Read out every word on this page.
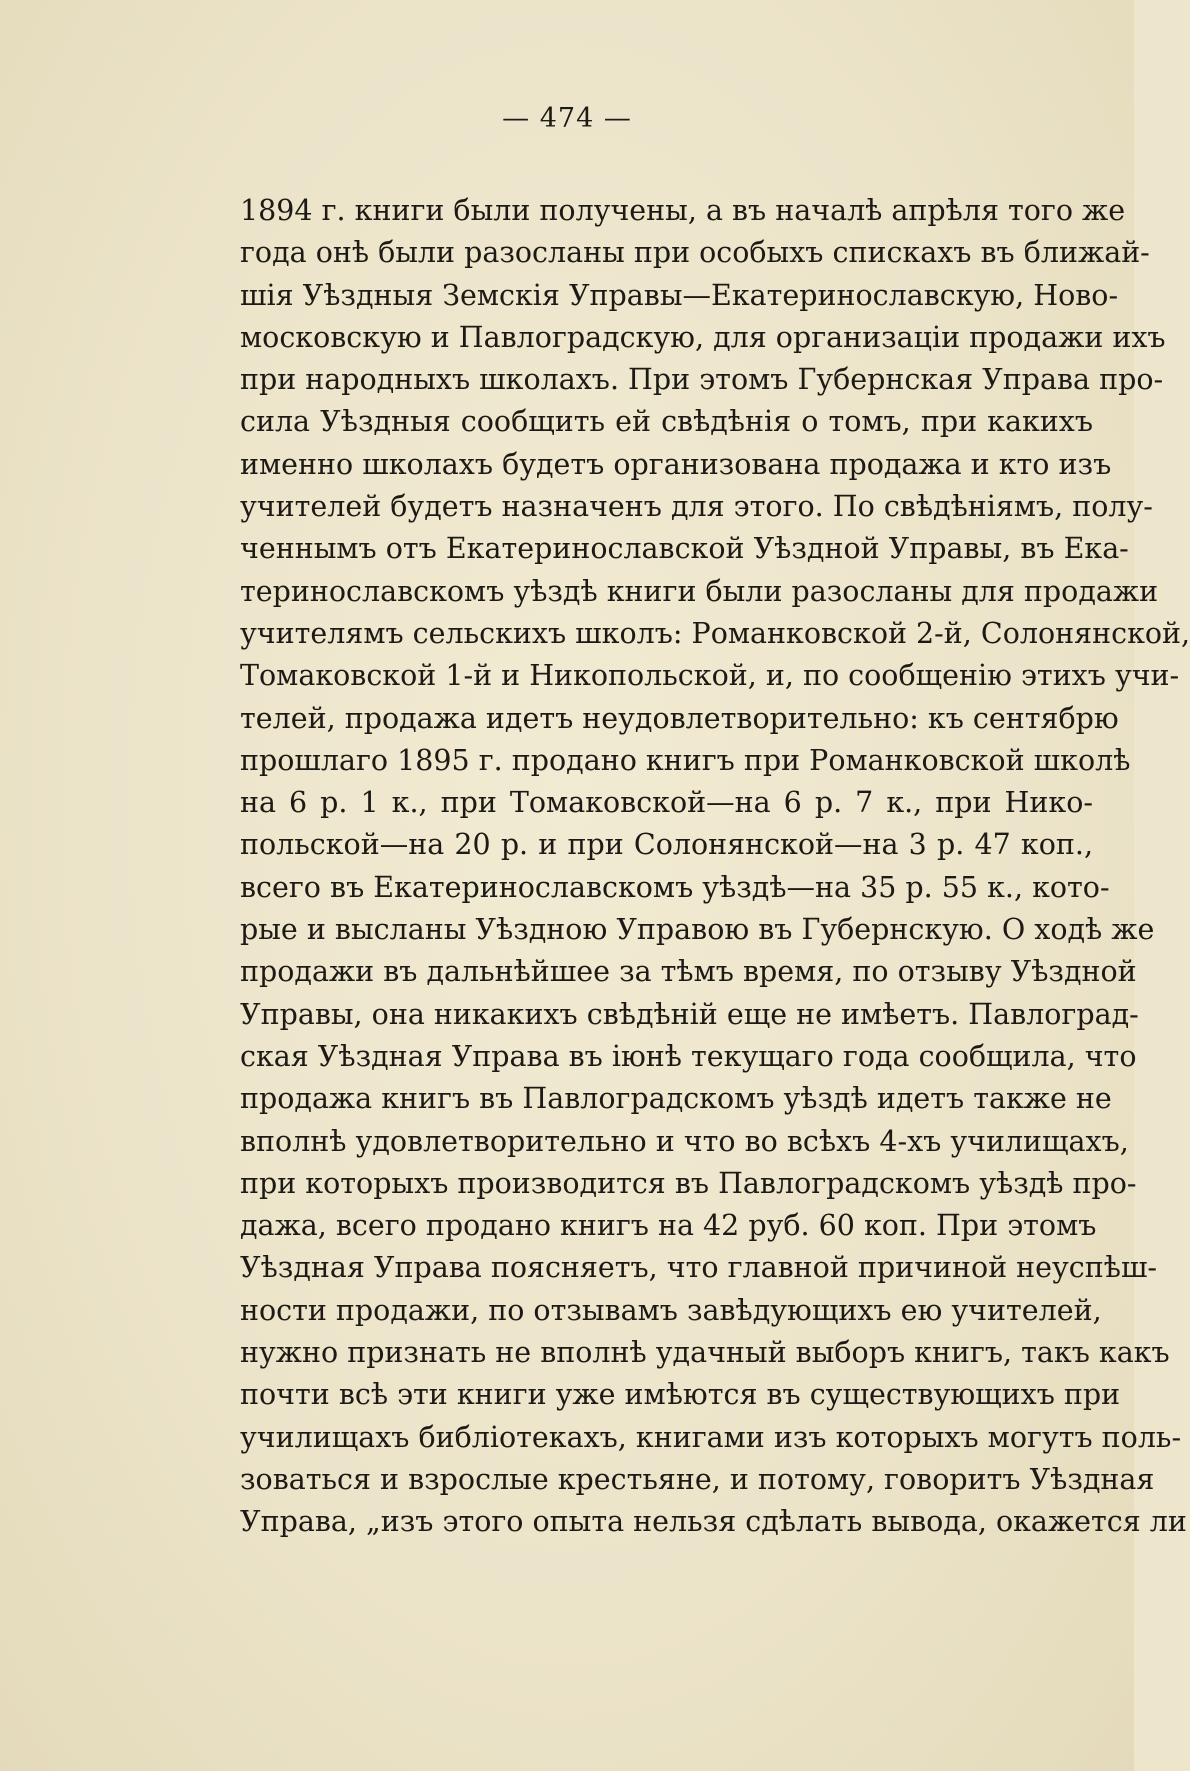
— 474 —
1894 г. книги были получены, а въ началѣ апрѣля того же
года онѣ были разосланы при особыхъ спискахъ въ ближай-
шія Уѣздныя Земскія Управы—Екатеринославскую, Ново-
московскую и Павлоградскую, для организаціи продажи ихъ
при народныхъ школахъ. При этомъ Губернская Управа про-
сила Уѣздныя сообщить ей свѣдѣнія о томъ, при какихъ
именно школахъ будетъ организована продажа и кто изъ
учителей будетъ назначенъ для этого. По свѣдѣніямъ, полу-
ченнымъ отъ Екатеринославской Уѣздной Управы, въ Ека-
теринославскомъ уѣздѣ книги были разосланы для продажи
учителямъ сельскихъ школъ: Романковской 2-й, Солонянской,
Томаковской 1-й и Никопольской, и, по сообщенію этихъ учи-
телей, продажа идетъ неудовлетворительно: къ сентябрю
прошлаго 1895 г. продано книгъ при Романковской школѣ
на 6 р. 1 к., при Томаковской—на 6 р. 7 к., при Нико-
польской—на 20 р. и при Солонянской—на 3 р. 47 коп.,
всего въ Екатеринославскомъ уѣздѣ—на 35 р. 55 к., кото-
рые и высланы Уѣздною Управою въ Губернскую. О ходѣ же
продажи въ дальнѣйшее за тѣмъ время, по отзыву Уѣздной
Управы, она никакихъ свѣдѣній еще не имѣетъ. Павлоград-
ская Уѣздная Управа въ іюнѣ текущаго года сообщила, что
продажа книгъ въ Павлоградскомъ уѣздѣ идетъ также не
вполнѣ удовлетворительно и что во всѣхъ 4-хъ училищахъ,
при которыхъ производится въ Павлоградскомъ уѣздѣ про-
дажа, всего продано книгъ на 42 руб. 60 коп. При этомъ
Уѣздная Управа поясняетъ, что главной причиной неуспѣш-
ности продажи, по отзывамъ завѣдующихъ ею учителей,
нужно признать не вполнѣ удачный выборъ книгъ, такъ какъ
почти всѣ эти книги уже имѣются въ существующихъ при
училищахъ библіотекахъ, книгами изъ которыхъ могутъ поль-
зоваться и взрослые крестьяне, и потому, говоритъ Уѣздная
Управа, „изъ этого опыта нельзя сдѣлать вывода, окажется ли
